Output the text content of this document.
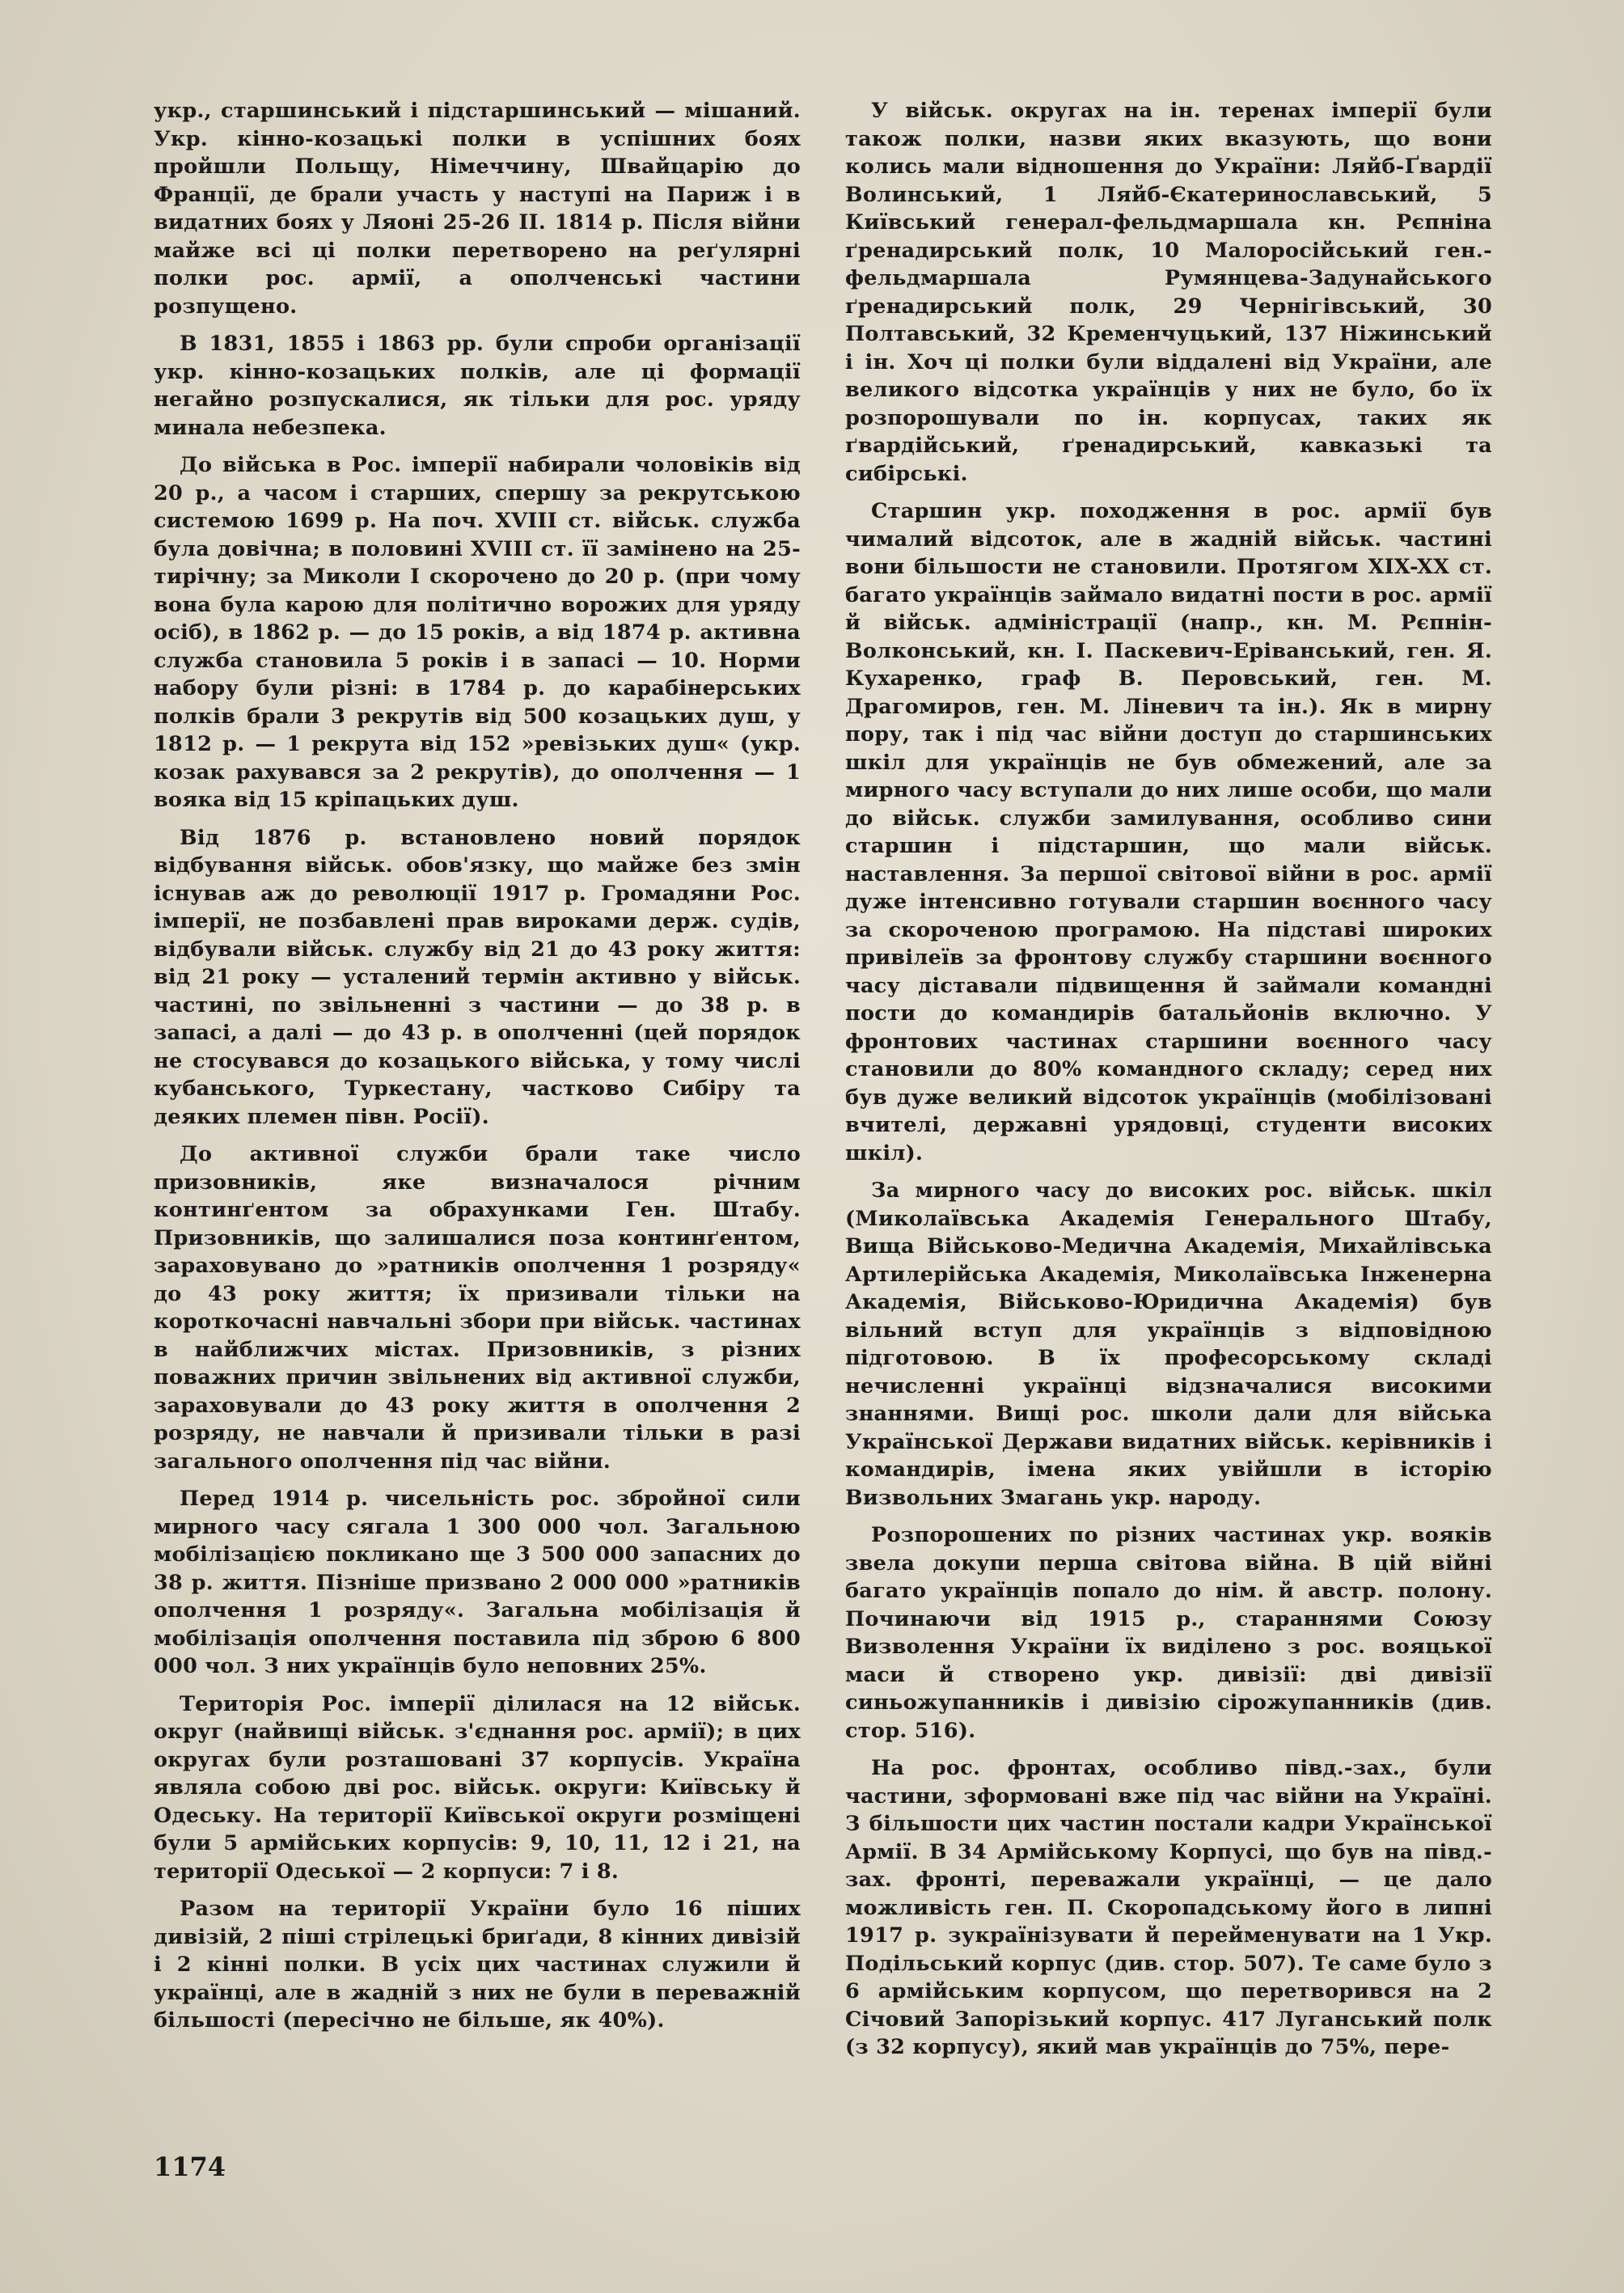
укр., старшинський і підстаршинський — мішаний. Укр. кінно-козацькі полки в успішних боях пройшли Польщу, Німеччину, Швайцарію до Франції, де брали участь у наступі на Париж і в видатних боях у Ляоні 25-26 II. 1814 р. Після війни майже всі ці полки перетворено на реґулярні полки рос. армії, а ополченські частини розпущено.

В 1831, 1855 і 1863 рр. були спроби організації укр. кінно-козацьких полків, але ці формації негайно розпускалися, як тільки для рос. уряду минала небезпека.

До війська в Рос. імперії набирали чоловіків від 20 р., а часом і старших, спершу за рекрутською системою 1699 р. На поч. XVIII ст. військ. служба була довічна; в половині XVIII ст. її замінено на 25-тирічну; за Миколи І скорочено до 20 р. (при чому вона була карою для політично ворожих для уряду осіб), в 1862 р. — до 15 років, а від 1874 р. активна служба становила 5 років і в запасі — 10. Норми набору були різні: в 1784 р. до карабінерських полків брали 3 рекрутів від 500 козацьких душ, у 1812 р. — 1 рекрута від 152 »ревізьких душ« (укр. козак рахувався за 2 рекрутів), до ополчення — 1 вояка від 15 кріпацьких душ.

Від 1876 р. встановлено новий порядок відбування військ. обов'язку, що майже без змін існував аж до революції 1917 р. Громадяни Рос. імперії, не позбавлені прав вироками держ. судів, відбували військ. службу від 21 до 43 року життя: від 21 року — усталений термін активно у військ. частині, по звільненні з частини — до 38 р. в запасі, а далі — до 43 р. в ополченні (цей порядок не стосувався до козацького війська, у тому числі кубанського, Туркестану, частково Сибіру та деяких племен півн. Росії).

До активної служби брали таке число призовників, яке визначалося річним континґентом за обрахунками Ген. Штабу. Призовників, що залишалися поза континґентом, зараховувано до »ратників ополчення 1 розряду« до 43 року життя; їх призивали тільки на короткочасні навчальні збори при військ. частинах в найближчих містах. Призовників, з різних поважних причин звільнених від активної служби, зараховували до 43 року життя в ополчення 2 розряду, не навчали й призивали тільки в разі загального ополчення під час війни.

Перед 1914 р. чисельність рос. збройної сили мирного часу сягала 1 300 000 чол. Загальною мобілізацією покликано ще 3 500 000 запасних до 38 р. життя. Пізніше призвано 2 000 000 »ратників ополчення 1 розряду«. Загальна мобілізація й мобілізація ополчення поставила під зброю 6 800 000 чол. З них українців було неповних 25%.

Територія Рос. імперії ділилася на 12 військ. округ (найвищі військ. з'єднання рос. армії); в цих округах були розташовані 37 корпусів. Україна являла собою дві рос. військ. округи: Київську й Одеську. На території Київської округи розміщені були 5 армійських корпусів: 9, 10, 11, 12 і 21, на території Одеської — 2 корпуси: 7 і 8.

Разом на території України було 16 піших дивізій, 2 піші стрілецькі бриґади, 8 кінних дивізій і 2 кінні полки. В усіх цих частинах служили й українці, але в жадній з них не були в переважній більшості (пересічно не більше, як 40%).

У військ. округах на ін. теренах імперії були також полки, назви яких вказують, що вони колись мали відношення до України: Ляйб-Ґвардії Волинський, 1 Ляйб-Єкатеринославський, 5 Київський генерал-фельдмаршала кн. Рєпніна ґренадирський полк, 10 Малоросійський ген.-фельдмаршала Румянцева-Задунайського ґренадирський полк, 29 Чернігівський, 30 Полтавський, 32 Кременчуцький, 137 Ніжинський і ін. Хоч ці полки були віддалені від України, але великого відсотка українців у них не було, бо їх розпорошували по ін. корпусах, таких як ґвардійський, ґренадирський, кавказькі та сибірські.

Старшин укр. походження в рос. армії був чималий відсоток, але в жадній військ. частині вони більшости не становили. Протягом XIX-XX ст. багато українців займало видатні пости в рос. армії й військ. адміністрації (напр., кн. М. Рєпнін-Волконський, кн. І. Паскевич-Еріванський, ген. Я. Кухаренко, граф В. Перовський, ген. М. Драгомиров, ген. М. Ліневич та ін.). Як в мирну пору, так і під час війни доступ до старшинських шкіл для українців не був обмежений, але за мирного часу вступали до них лише особи, що мали до військ. служби замилування, особливо сини старшин і підстаршин, що мали військ. наставлення. За першої світової війни в рос. армії дуже інтенсивно готували старшин воєнного часу за скороченою програмою. На підставі широких привілеїв за фронтову службу старшини воєнного часу діставали підвищення й займали командні пости до командирів батальйонів включно. У фронтових частинах старшини воєнного часу становили до 80% командного складу; серед них був дуже великий відсоток українців (мобілізовані вчителі, державні урядовці, студенти високих шкіл).

За мирного часу до високих рос. військ. шкіл (Миколаївська Академія Генерального Штабу, Вища Військово-Медична Академія, Михайлівська Артилерійська Академія, Миколаївська Інженерна Академія, Військово-Юридична Академія) був вільний вступ для українців з відповідною підготовою. В їх професорському складі нечисленні українці відзначалися високими знаннями. Вищі рос. школи дали для війська Української Держави видатних військ. керівників і командирів, імена яких увійшли в історію Визвольних Змагань укр. народу.

Розпорошених по різних частинах укр. вояків звела докупи перша світова війна. В цій війні багато українців попало до нім. й австр. полону. Починаючи від 1915 р., стараннями Союзу Визволення України їх виділено з рос. вояцької маси й створено укр. дивізії: дві дивізії синьожупанників і дивізію сірожупанників (див. стор. 516).

На рос. фронтах, особливо півд.-зах., були частини, зформовані вже під час війни на Україні. З більшости цих частин постали кадри Української Армії. В 34 Армійському Корпусі, що був на півд.-зах. фронті, переважали українці, — це дало можливість ген. П. Скоропадському його в липні 1917 р. зукраїнізувати й перейменувати на 1 Укр. Подільський корпус (див. стор. 507). Те саме було з 6 армійським корпусом, що перетворився на 2 Січовий Запорізький корпус. 417 Луганський полк (з 32 корпусу), який мав українців до 75%, пере-

1174
